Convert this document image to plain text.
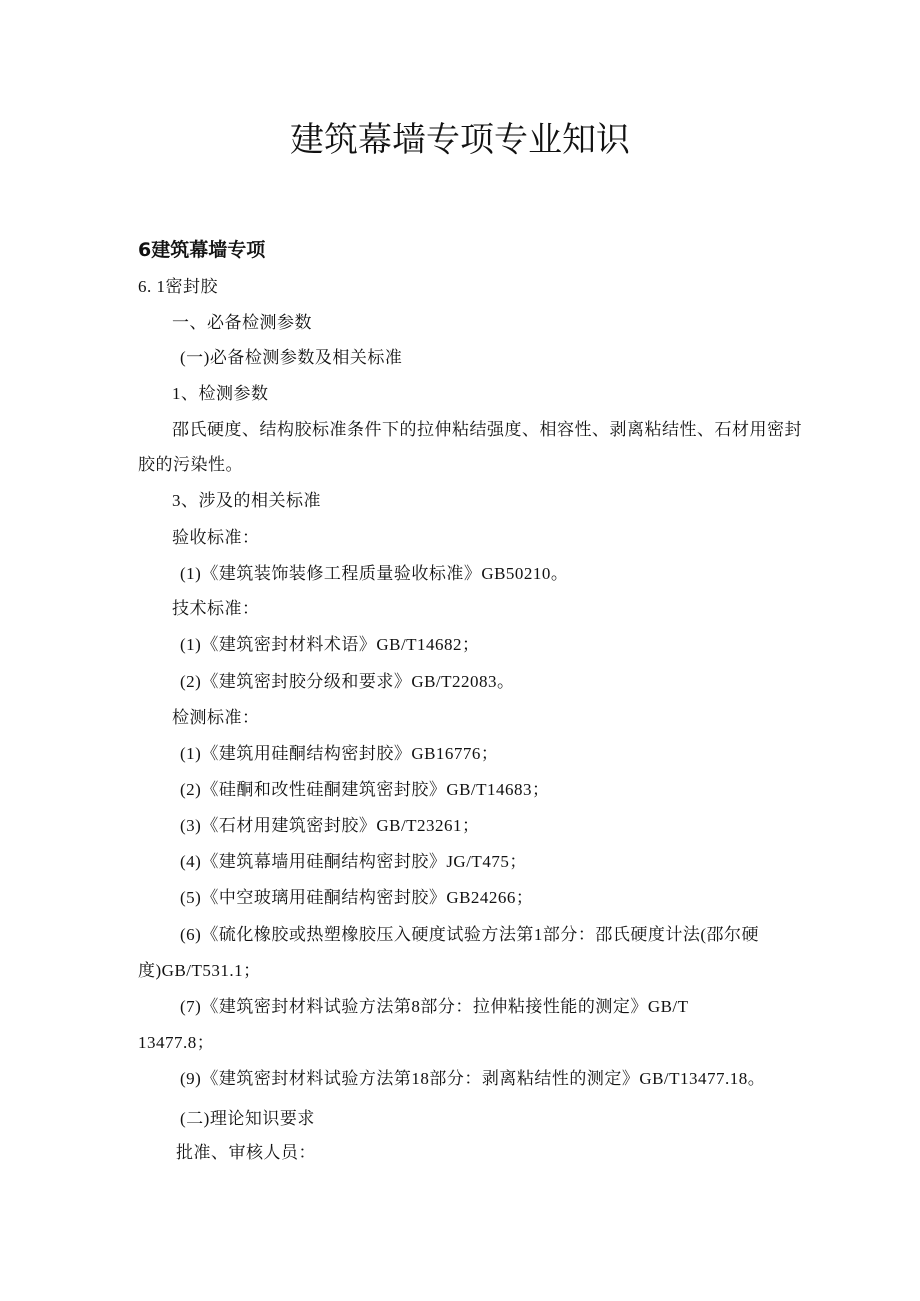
建筑幕墙专项专业知识
6建筑幕墙专项
6. 1密封胶
一、必备检测参数
(一)必备检测参数及相关标准
1、检测参数
邵氏硬度、结构胶标准条件下的拉伸粘结强度、相容性、剥离粘结性、石材用密封
胶的污染性。
3、涉及的相关标准
验收标准：
(1)《建筑装饰装修工程质量验收标准》GB50210。
技术标准：
(1)《建筑密封材料术语》GB/T14682；
(2)《建筑密封胶分级和要求》GB/T22083。
检测标准：
(1)《建筑用硅酮结构密封胶》GB16776；
(2)《硅酮和改性硅酮建筑密封胶》GB/T14683；
(3)《石材用建筑密封胶》GB/T23261；
(4)《建筑幕墙用硅酮结构密封胶》JG/T475；
(5)《中空玻璃用硅酮结构密封胶》GB24266；
(6)《硫化橡胶或热塑橡胶压入硬度试验方法第1部分：邵氏硬度计法(邵尔硬
度)GB/T531.1；
(7)《建筑密封材料试验方法第8部分：拉伸粘接性能的测定》GB/T
13477.8；
(9)《建筑密封材料试验方法第18部分：剥离粘结性的测定》GB/T13477.18。
(二)理论知识要求
批准、审核人员：
